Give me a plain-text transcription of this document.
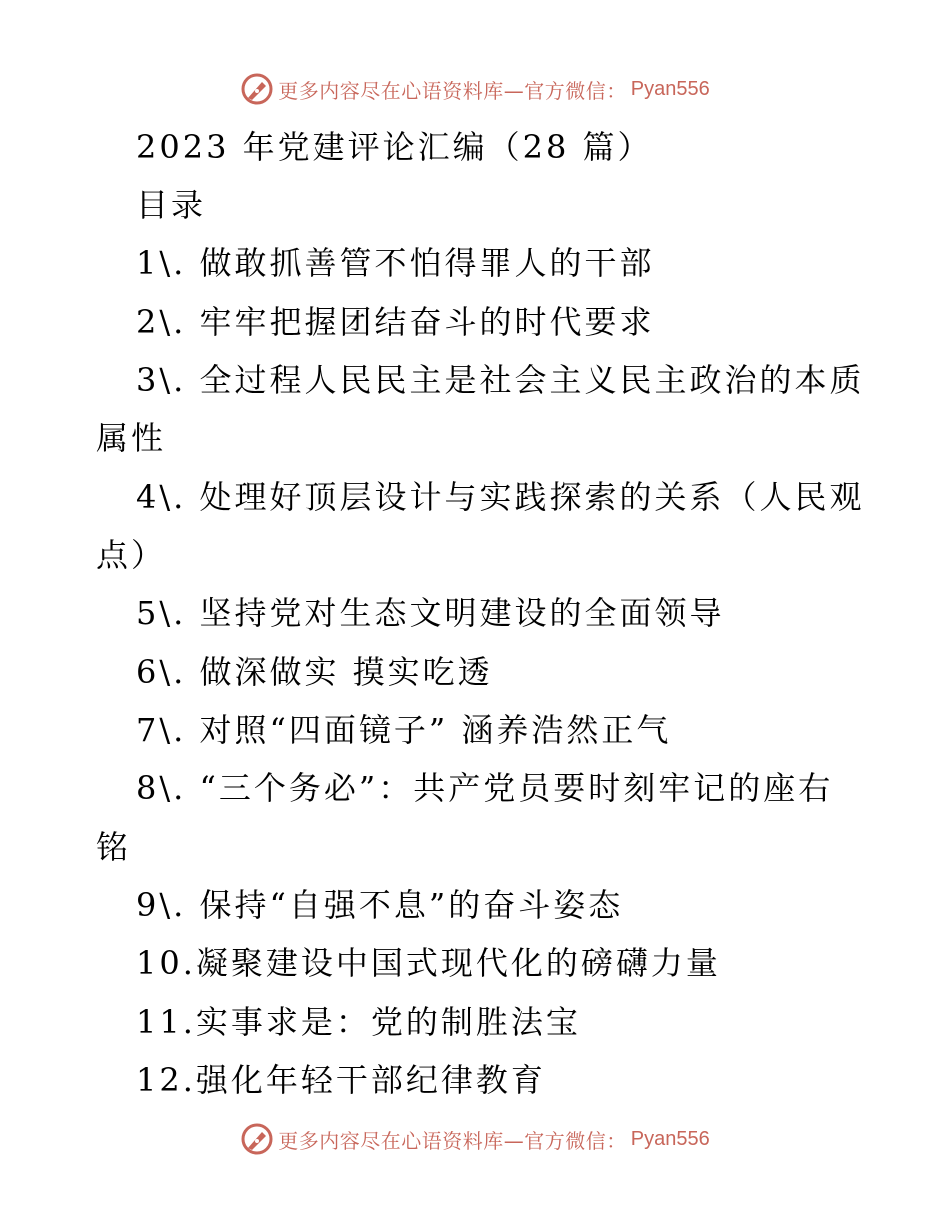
更多内容尽在心语资料库—官方微信： Pyan556
2023 年党建评论汇编（28 篇）
目录
1\. 做敢抓善管不怕得罪人的干部
2\. 牢牢把握团结奋斗的时代要求
3\. 全过程人民民主是社会主义民主政治的本质
属性
4\. 处理好顶层设计与实践探索的关系（人民观
点）
5\. 坚持党对生态文明建设的全面领导
6\. 做深做实 摸实吃透
7\. 对照“四面镜子” 涵养浩然正气
8\. “三个务必”：共产党员要时刻牢记的座右
铭
9\. 保持“自强不息”的奋斗姿态
10.凝聚建设中国式现代化的磅礴力量
11.实事求是：党的制胜法宝
12.强化年轻干部纪律教育
更多内容尽在心语资料库—官方微信： Pyan556
